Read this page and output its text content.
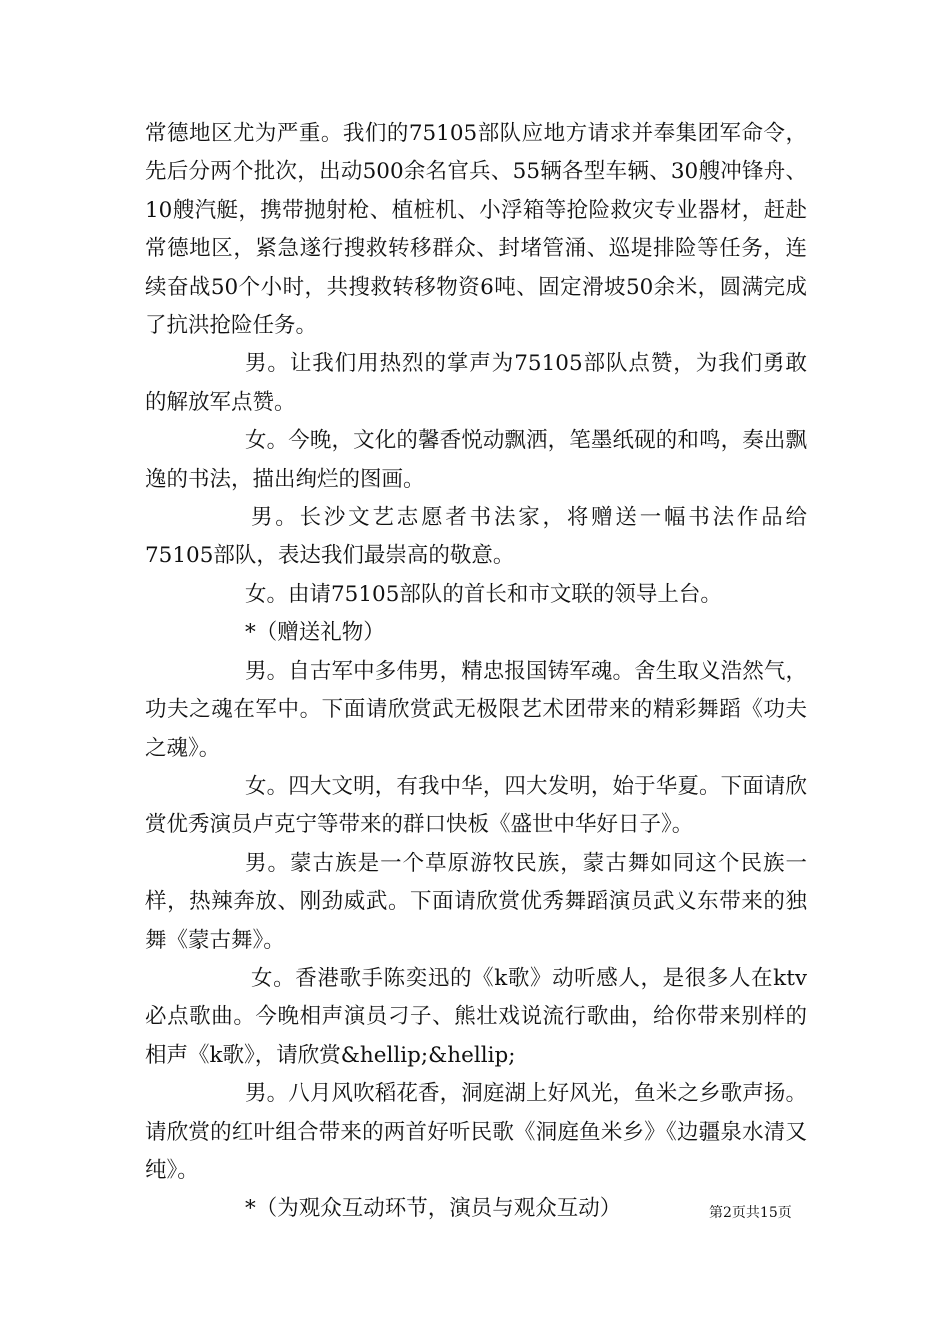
常德地区尤为严重。我们的75105部队应地方请求并奉集团军命令，先后分两个批次，出动500余名官兵、55辆各型车辆、30艘冲锋舟、10艘汽艇，携带抛射枪、植桩机、小浮箱等抢险救灾专业器材，赶赴常德地区，紧急遂行搜救转移群众、封堵管涌、巡堤排险等任务，连续奋战50个小时，共搜救转移物资6吨、固定滑坡50余米，圆满完成了抗洪抢险任务。

男。让我们用热烈的掌声为75105部队点赞，为我们勇敢的解放军点赞。

女。今晚，文化的馨香悦动飘洒，笔墨纸砚的和鸣，奏出飘逸的书法，描出绚烂的图画。

男。长沙文艺志愿者书法家，将赠送一幅书法作品给75105部队，表达我们最崇高的敬意。

女。由请75105部队的首长和市文联的领导上台。

*（赠送礼物）

男。自古军中多伟男，精忠报国铸军魂。舍生取义浩然气，功夫之魂在军中。下面请欣赏武无极限艺术团带来的精彩舞蹈《功夫之魂》。

女。四大文明，有我中华，四大发明，始于华夏。下面请欣赏优秀演员卢克宁等带来的群口快板《盛世中华好日子》。

男。蒙古族是一个草原游牧民族，蒙古舞如同这个民族一样，热辣奔放、刚劲威武。下面请欣赏优秀舞蹈演员武义东带来的独舞《蒙古舞》。

女。香港歌手陈奕迅的《k歌》动听感人，是很多人在ktv必点歌曲。今晚相声演员刁子、熊壮戏说流行歌曲，给你带来别样的相声《k歌》，请欣赏&hellip;&hellip;

男。八月风吹稻花香，洞庭湖上好风光，鱼米之乡歌声扬。请欣赏的红叶组合带来的两首好听民歌《洞庭鱼米乡》《边疆泉水清又纯》。

*（为观众互动环节，演员与观众互动）	第2页共15页
